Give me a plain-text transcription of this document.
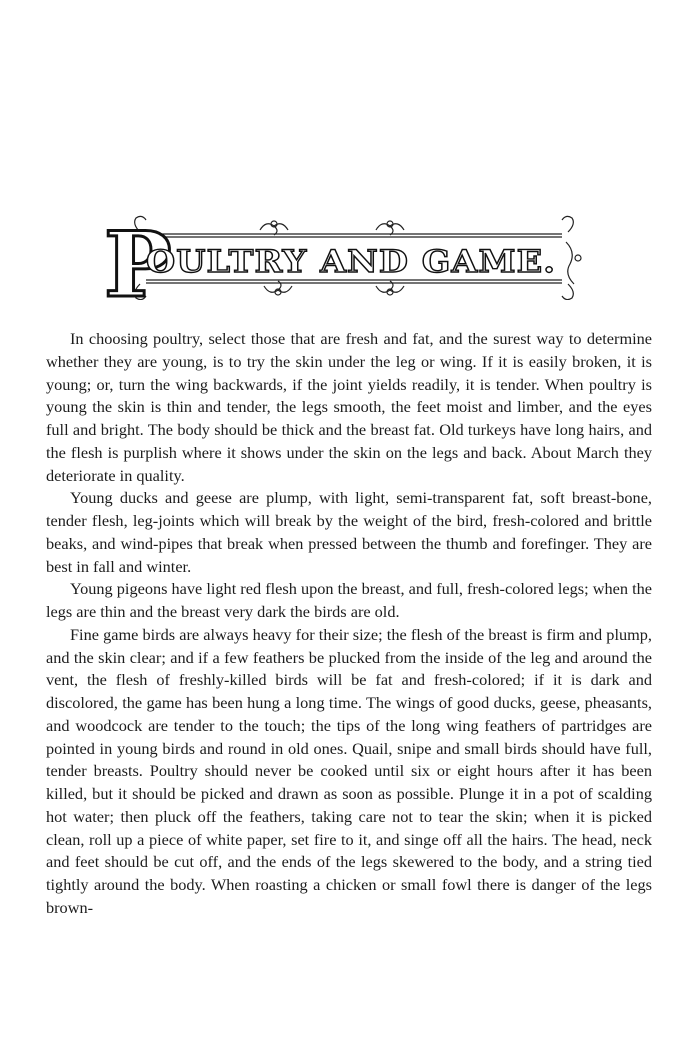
P
OULTRY AND GAME.

In choosing poultry, select those that are fresh and fat, and the surest way to determine whether they are young, is to try the skin under the leg or wing. If it is easily broken, it is young; or, turn the wing backwards, if the joint yields readily, it is tender. When poultry is young the skin is thin and tender, the legs smooth, the feet moist and limber, and the eyes full and bright. The body should be thick and the breast fat. Old turkeys have long hairs, and the flesh is purplish where it shows under the skin on the legs and back. About March they deteriorate in quality.

Young ducks and geese are plump, with light, semi-transparent fat, soft breast-bone, tender flesh, leg-joints which will break by the weight of the bird, fresh-colored and brittle beaks, and wind-pipes that break when pressed between the thumb and forefinger. They are best in fall and winter.

Young pigeons have light red flesh upon the breast, and full, fresh-colored legs; when the legs are thin and the breast very dark the birds are old.

Fine game birds are always heavy for their size; the flesh of the breast is firm and plump, and the skin clear; and if a few feathers be plucked from the inside of the leg and around the vent, the flesh of freshly-killed birds will be fat and fresh-colored; if it is dark and discolored, the game has been hung a long time. The wings of good ducks, geese, pheasants, and woodcock are tender to the touch; the tips of the long wing feathers of partridges are pointed in young birds and round in old ones. Quail, snipe and small birds should have full, tender breasts. Poultry should never be cooked until six or eight hours after it has been killed, but it should be picked and drawn as soon as possible. Plunge it in a pot of scalding hot water; then pluck off the feathers, taking care not to tear the skin; when it is picked clean, roll up a piece of white paper, set fire to it, and singe off all the hairs. The head, neck and feet should be cut off, and the ends of the legs skewered to the body, and a string tied tightly around the body. When roasting a chicken or small fowl there is danger of the legs brown-
